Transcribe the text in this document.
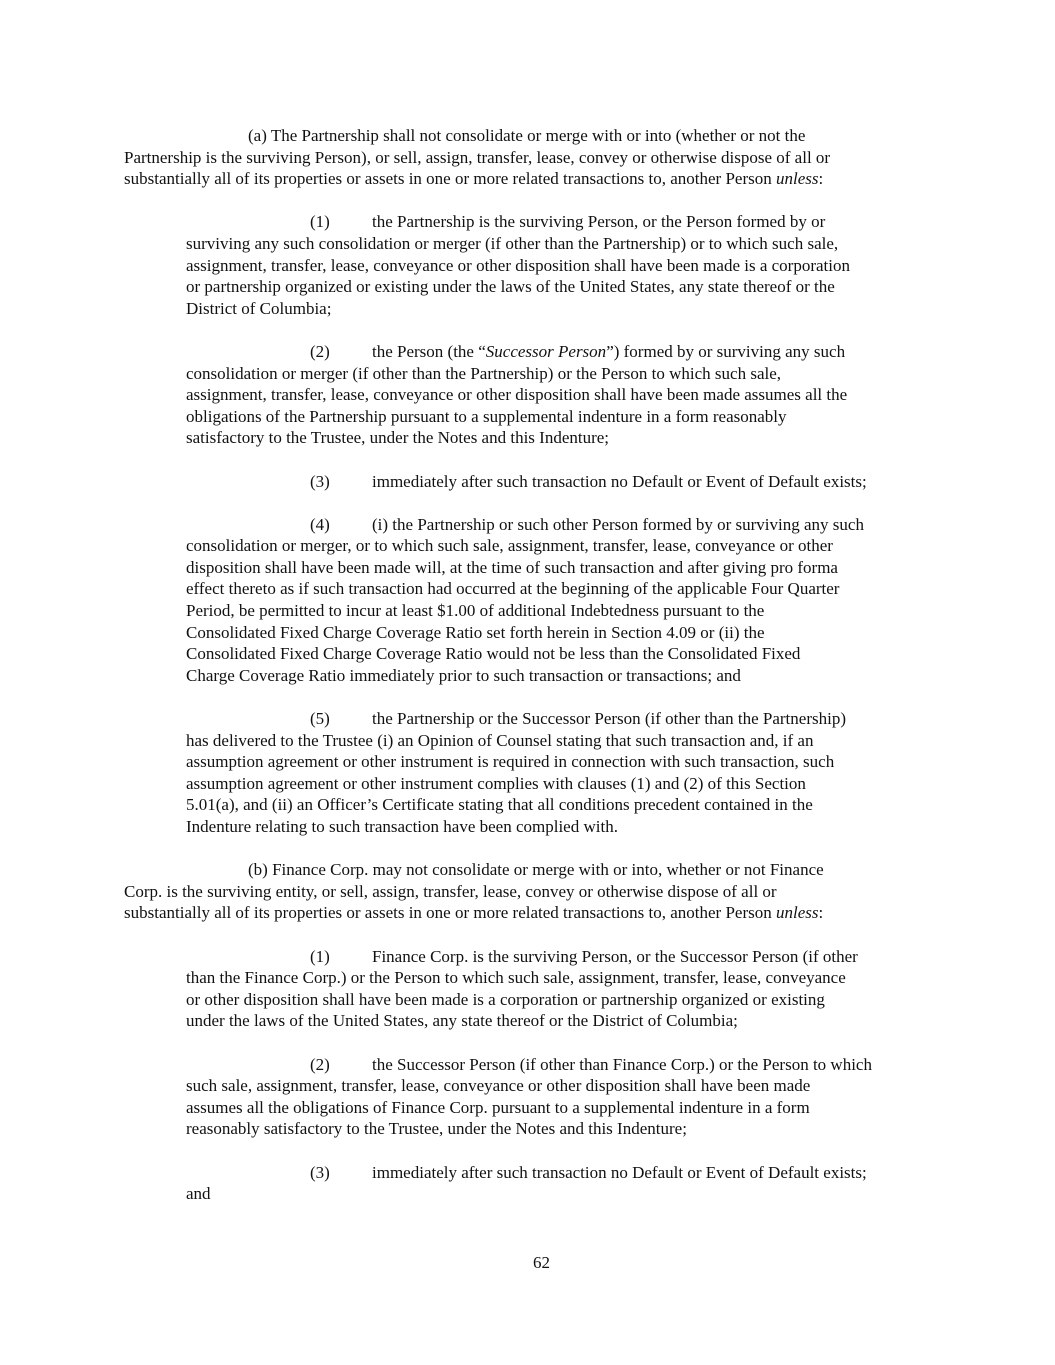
(a) The Partnership shall not consolidate or merge with or into (whether or not the
Partnership is the surviving Person), or sell, assign, transfer, lease, convey or otherwise dispose of all or
substantially all of its properties or assets in one or more related transactions to, another Person unless:
(1) the Partnership is the surviving Person, or the Person formed by or
surviving any such consolidation or merger (if other than the Partnership) or to which such sale,
assignment, transfer, lease, conveyance or other disposition shall have been made is a corporation
or partnership organized or existing under the laws of the United States, any state thereof or the
District of Columbia;
(2) the Person (the “Successor Person”) formed by or surviving any such
consolidation or merger (if other than the Partnership) or the Person to which such sale,
assignment, transfer, lease, conveyance or other disposition shall have been made assumes all the
obligations of the Partnership pursuant to a supplemental indenture in a form reasonably
satisfactory to the Trustee, under the Notes and this Indenture;
(3) immediately after such transaction no Default or Event of Default exists;
(4) (i) the Partnership or such other Person formed by or surviving any such
consolidation or merger, or to which such sale, assignment, transfer, lease, conveyance or other
disposition shall have been made will, at the time of such transaction and after giving pro forma
effect thereto as if such transaction had occurred at the beginning of the applicable Four Quarter
Period, be permitted to incur at least $1.00 of additional Indebtedness pursuant to the
Consolidated Fixed Charge Coverage Ratio set forth herein in Section 4.09 or (ii) the
Consolidated Fixed Charge Coverage Ratio would not be less than the Consolidated Fixed
Charge Coverage Ratio immediately prior to such transaction or transactions; and
(5) the Partnership or the Successor Person (if other than the Partnership)
has delivered to the Trustee (i) an Opinion of Counsel stating that such transaction and, if an
assumption agreement or other instrument is required in connection with such transaction, such
assumption agreement or other instrument complies with clauses (1) and (2) of this Section
5.01(a), and (ii) an Officer’s Certificate stating that all conditions precedent contained in the
Indenture relating to such transaction have been complied with.
(b) Finance Corp. may not consolidate or merge with or into, whether or not Finance
Corp. is the surviving entity, or sell, assign, transfer, lease, convey or otherwise dispose of all or
substantially all of its properties or assets in one or more related transactions to, another Person unless:
(1) Finance Corp. is the surviving Person, or the Successor Person (if other
than the Finance Corp.) or the Person to which such sale, assignment, transfer, lease, conveyance
or other disposition shall have been made is a corporation or partnership organized or existing
under the laws of the United States, any state thereof or the District of Columbia;
(2) the Successor Person (if other than Finance Corp.) or the Person to which
such sale, assignment, transfer, lease, conveyance or other disposition shall have been made
assumes all the obligations of Finance Corp. pursuant to a supplemental indenture in a form
reasonably satisfactory to the Trustee, under the Notes and this Indenture;
(3) immediately after such transaction no Default or Event of Default exists;
and
62
